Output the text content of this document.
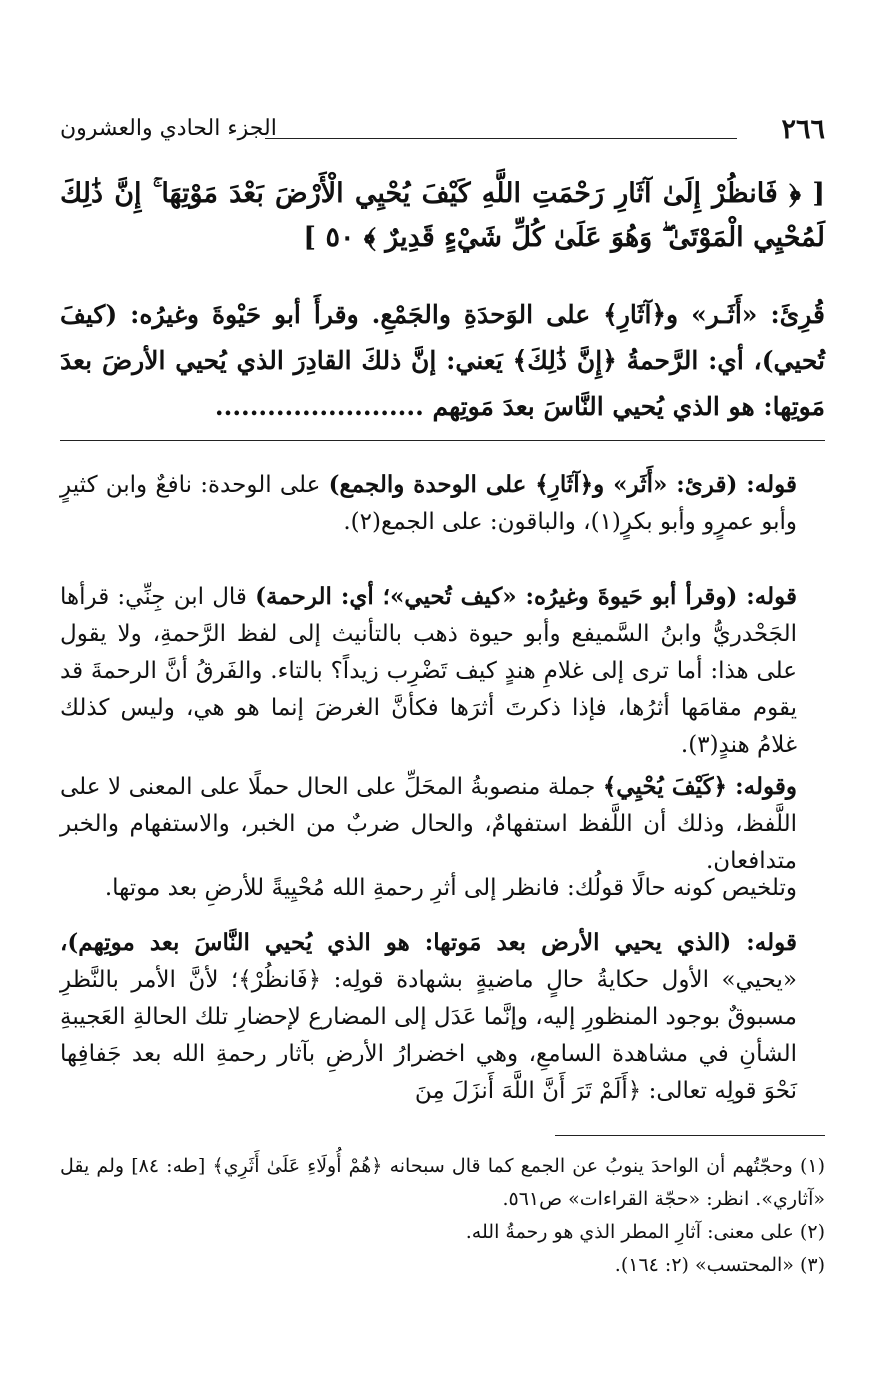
٢٦٦
الجزء الحادي والعشرون
[ ﴿ فَانظُرْ إِلَىٰ آثَارِ رَحْمَتِ اللَّهِ كَيْفَ يُحْيِي الْأَرْضَ بَعْدَ مَوْتِهَا ۚ إِنَّ ذَٰلِكَ لَمُحْيِي الْمَوْتَىٰ ۖ وَهُوَ عَلَىٰ كُلِّ شَيْءٍ قَدِيرٌ ﴾ ٥٠ ]
قُرِئَ: «أَثَـر» و﴿آثَارِ﴾ على الوَحدَةِ والجَمْعِ. وقرأَ أبو حَيْوةَ وغيرُه: (كيفَ تُحيي)، أي: الرَّحمةُ ﴿إِنَّ ذَٰلِكَ﴾ يَعني: إنَّ ذلكَ القادِرَ الذي يُحيي الأرضَ بعدَ مَوتِها: هو الذي يُحيي النَّاسَ بعدَ مَوتِهم ........................

قوله: (قرئ: «أَثَر» و﴿آثَارِ﴾ على الوحدة والجمع) على الوحدة: نافعٌ وابن كثيرٍ وأبو عمرٍو وأبو بكرٍ(١)، والباقون: على الجمع(٢).

قوله: (وقرأ أبو حَيوةَ وغيرُه: «كيف تُحيي»؛ أي: الرحمة) قال ابن جِنِّي: قرأها الجَحْدريُّ وابنُ السَّميفع وأبو حيوة ذهب بالتأنيث إلى لفظ الرَّحمةِ، ولا يقول على هذا: أما ترى إلى غلامِ هندٍ كيف تَضْرِب زيداً؟ بالتاء. والفَرقُ أنَّ الرحمةَ قد يقوم مقامَها أثرُها، فإذا ذكرتَ أثرَها فكأنَّ الغرضَ إنما هو هي، وليس كذلك غلامُ هندٍ(٣).

وقوله: ﴿كَيْفَ يُحْيِي﴾ جملة منصوبةُ المحَلِّ على الحال حملًا على المعنى لا على اللَّفظ، وذلك أن اللَّفظ استفهامٌ، والحال ضربٌ من الخبر، والاستفهام والخبر متدافعان.

وتلخيص كونه حالًا قولُك: فانظر إلى أثرِ رحمةِ الله مُحْيِيةً للأرضِ بعد موتها.

قوله: (الذي يحيي الأرض بعد مَوتها: هو الذي يُحيي النَّاسَ بعد موتِهم)، «يحيي» الأول حكايةُ حالٍ ماضيةٍ بشهادة قولِه: ﴿فَانظُرْ﴾؛ لأنَّ الأمر بالنَّظرِ مسبوقٌ بوجود المنظورِ إليه، وإنَّما عَدَل إلى المضارع لإحضارِ تلك الحالةِ العَجيبةِ الشأنِ في مشاهدة السامعِ، وهي اخضرارُ الأرضِ بآثار رحمةِ الله بعد جَفافِها نَحْوَ قولِه تعالى: ﴿أَلَمْ تَرَ أَنَّ اللَّهَ أَنزَلَ مِنَ

(١) وحجّتُهم أن الواحدَ ينوبُ عن الجمع كما قال سبحانه ﴿هُمْ أُولَاءِ عَلَىٰ أَثَرِي﴾ [طه: ٨٤] ولم يقل «آثاري». انظر: «حجّة القراءات» ص٥٦١.

(٢) على معنى: آثارِ المطر الذي هو رحمةُ الله.

(٣) «المحتسب» (٢: ١٦٤).
